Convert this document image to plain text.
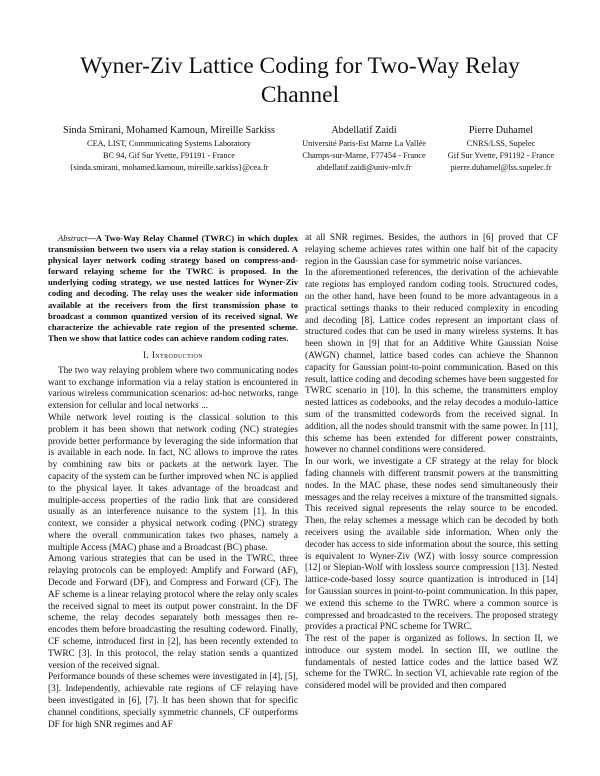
Wyner-Ziv Lattice Coding for Two-Way Relay Channel
Sinda Smirani, Mohamed Kamoun, Mireille Sarkiss
CEA, LIST, Communicating Systems Laboratory
BC 94, Gif Sur Yvette, F91191 - France
{sinda.smirani, mohamed.kamoun, mireille.sarkiss}@cea.fr
Abdellatif Zaidi
Université Paris-Est Marne La Vallée
Champs-sur-Marne, F77454 - France
abdellatif.zaidi@univ-mlv.fr
Pierre Duhamel
CNRS/LSS, Supelec
Gif Sur Yvette, F91192 - France
pierre.duhamel@lss.supelec.fr

Abstract—A Two-Way Relay Channel (TWRC) in which duplex transmission between two users via a relay station is considered. A physical layer network coding strategy based on compress-and-forward relaying scheme for the TWRC is proposed. In the underlying coding strategy, we use nested lattices for Wyner-Ziv coding and decoding. The relay uses the weaker side information available at the receivers from the first transmission phase to broadcast a common quantized version of its received signal. We characterize the achievable rate region of the presented scheme. Then we show that lattice codes can achieve random coding rates.

I. Introduction

The two way relaying problem where two communicating nodes want to exchange information via a relay station is encountered in various wireless communication scenarios: ad-hoc networks, range extension for cellular and local networks ...

While network level routing is the classical solution to this problem it has been shown that network coding (NC) strategies provide better performance by leveraging the side information that is available in each node. In fact, NC allows to improve the rates by combining raw bits or packets at the network layer. The capacity of the system can be further improved when NC is applied to the physical layer. It takes advantage of the broadcast and multiple-access properties of the radio link that are considered usually as an interference nuisance to the system [1]. In this context, we consider a physical network coding (PNC) strategy where the overall communication takes two phases, namely a multiple Access (MAC) phase and a Broadcast (BC) phase.

Among various strategies that can be used in the TWRC, three relaying protocols can be employed: Amplify and Forward (AF), Decode and Forward (DF), and Compress and Forward (CF). The AF scheme is a linear relaying protocol where the relay only scales the received signal to meet its output power constraint. In the DF scheme, the relay decodes separately both messages then re-encodes them before broadcasting the resulting codeword. Finally, CF scheme, introduced first in [2], has been recently extended to TWRC [3]. In this protocol, the relay station sends a quantized version of the received signal.

Performance bounds of these schemes were investigated in [4], [5], [3]. Independently, achievable rate regions of CF relaying have been investigated in [6], [7]. It has been shown that for specific channel conditions, specially symmetric channels, CF outperforms DF for high SNR regimes and AF

at all SNR regimes. Besides, the authors in [6] proved that CF relaying scheme achieves rates within one half bit of the capacity region in the Gaussian case for symmetric noise variances.

In the aforementioned references, the derivation of the achievable rate regions has employed random coding tools. Structured codes, on the other hand, have been found to be more advantageous in a practical settings thanks to their reduced complexity in encoding and decoding [8]. Lattice codes represent an important class of structured codes that can be used in many wireless systems. It has been shown in [9] that for an Additive White Gaussian Noise (AWGN) channel, lattice based codes can achieve the Shannon capacity for Gaussian point-to-point communication. Based on this result, lattice coding and decoding schemes have been suggested for TWRC scenario in [10]. In this scheme, the transmitters employ nested lattices as codebooks, and the relay decodes a modulo-lattice sum of the transmitted codewords from the received signal. In addition, all the nodes should transmit with the same power. In [11], this scheme has been extended for different power constraints, however no channel conditions were considered.

In our work, we investigate a CF strategy at the relay for block fading channels with different transmit powers at the transmitting nodes. In the MAC phase, these nodes send simultaneously their messages and the relay receives a mixture of the transmitted signals. This received signal represents the relay source to be encoded. Then, the relay schemes a message which can be decoded by both receivers using the available side information. When only the decoder has access to side information about the source, this setting is equivalent to Wyner-Ziv (WZ) with lossy source compression [12] or Slepian-Wolf with lossless source compression [13]. Nested lattice-code-based lossy source quantization is introduced in [14] for Gaussian sources in point-to-point communication. In this paper, we extend this scheme to the TWRC where a common source is compressed and broadcasted to the receivers. The proposed strategy provides a practical PNC scheme for TWRC.

The rest of the paper is organized as follows. In section II, we introduce our system model. In section III, we outline the fundamentals of nested lattice codes and the lattice based WZ scheme for the TWRC. In section VI, achievable rate region of the considered model will be provided and then compared
